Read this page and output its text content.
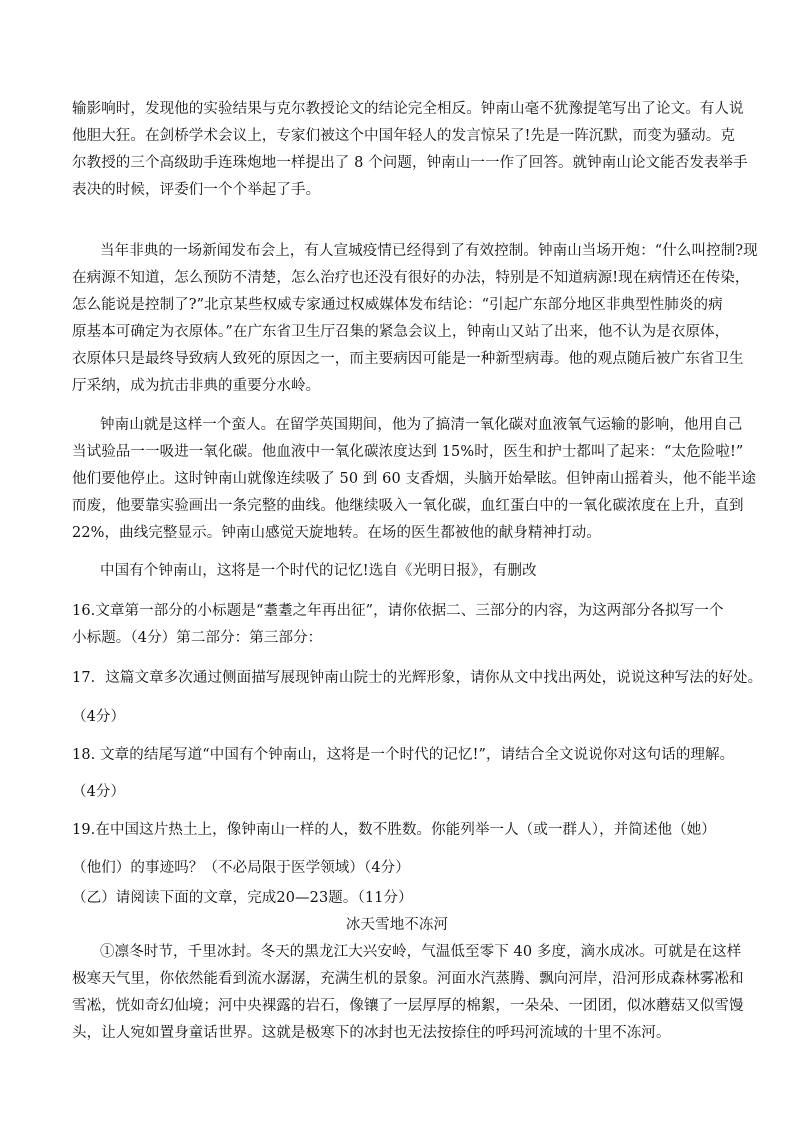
输影响时，发现他的实验结果与克尔教授论文的结论完全相反。钟南山毫不犹豫提笔写出了论文。有人说
他胆大狂。在剑桥学术会议上，专家们被这个中国年轻人的发言惊呆了!先是一阵沉默，而变为骚动。克
尔教授的三个高级助手连珠炮地一样提出了 8 个问题，钟南山一一作了回答。就钟南山论文能否发表举手
表决的时候，评委们一个个举起了手。
当年非典的一场新闻发布会上，有人宣城疫情已经得到了有效控制。钟南山当场开炮：“什么叫控制?现
在病源不知道，怎么预防不清楚，怎么治疗也还没有很好的办法，特别是不知道病源!现在病情还在传染，
怎么能说是控制了?”北京某些权威专家通过权威媒体发布结论：“引起广东部分地区非典型性肺炎的病
原基本可确定为衣原体。”在广东省卫生厅召集的紧急会议上，钟南山又站了出来，他不认为是衣原体，
衣原体只是最终导致病人致死的原因之一，而主要病因可能是一种新型病毒。他的观点随后被广东省卫生
厅采纳，成为抗击非典的重要分水岭。
钟南山就是这样一个蛮人。在留学英国期间，他为了搞清一氧化碳对血液氧气运输的影响，他用自己
当试验品一一吸进一氧化碳。他血液中一氧化碳浓度达到 15%时，医生和护士都叫了起来：“太危险啦!”
他们要他停止。这时钟南山就像连续吸了 50 到 60 支香烟，头脑开始晕眩。但钟南山摇着头，他不能半途
而废，他要靠实验画出一条完整的曲线。他继续吸入一氧化碳，血红蛋白中的一氧化碳浓度在上升，直到
22%，曲线完整显示。钟南山感觉天旋地转。在场的医生都被他的献身精神打动。
中国有个钟南山，这将是一个时代的记忆!选自《光明日报》，有删改
16.文章第一部分的小标题是“耋耋之年再出征”，请你依据二、三部分的内容，为这两部分各拟写一个
小标题。（4分）第二部分：第三部分：
17．这篇文章多次通过侧面描写展现钟南山院士的光辉形象，请你从文中找出两处，说说这种写法的好处。
（4分）
18. 文章的结尾写道“中国有个钟南山，这将是一个时代的记忆!”，请结合全文说说你对这句话的理解。
（4分）
19.在中国这片热土上，像钟南山一样的人，数不胜数。你能列举一人（或一群人），并简述他（她）
（他们）的事迹吗？（不必局限于医学领域）（4分）
（乙）请阅读下面的文章，完成20—23题。（11分）
冰天雪地不冻河
①凛冬时节，千里冰封。冬天的黑龙江大兴安岭，气温低至零下 40 多度，滴水成冰。可就是在这样
极寒天气里，你依然能看到流水潺潺，充满生机的景象。河面水汽蒸腾、飘向河岸，沿河形成森林雾凇和
雪凇，恍如奇幻仙境；河中央裸露的岩石，像镶了一层厚厚的棉絮，一朵朵、一团团，似冰蘑菇又似雪馒
头，让人宛如置身童话世界。这就是极寒下的冰封也无法按捺住的呼玛河流域的十里不冻河。
